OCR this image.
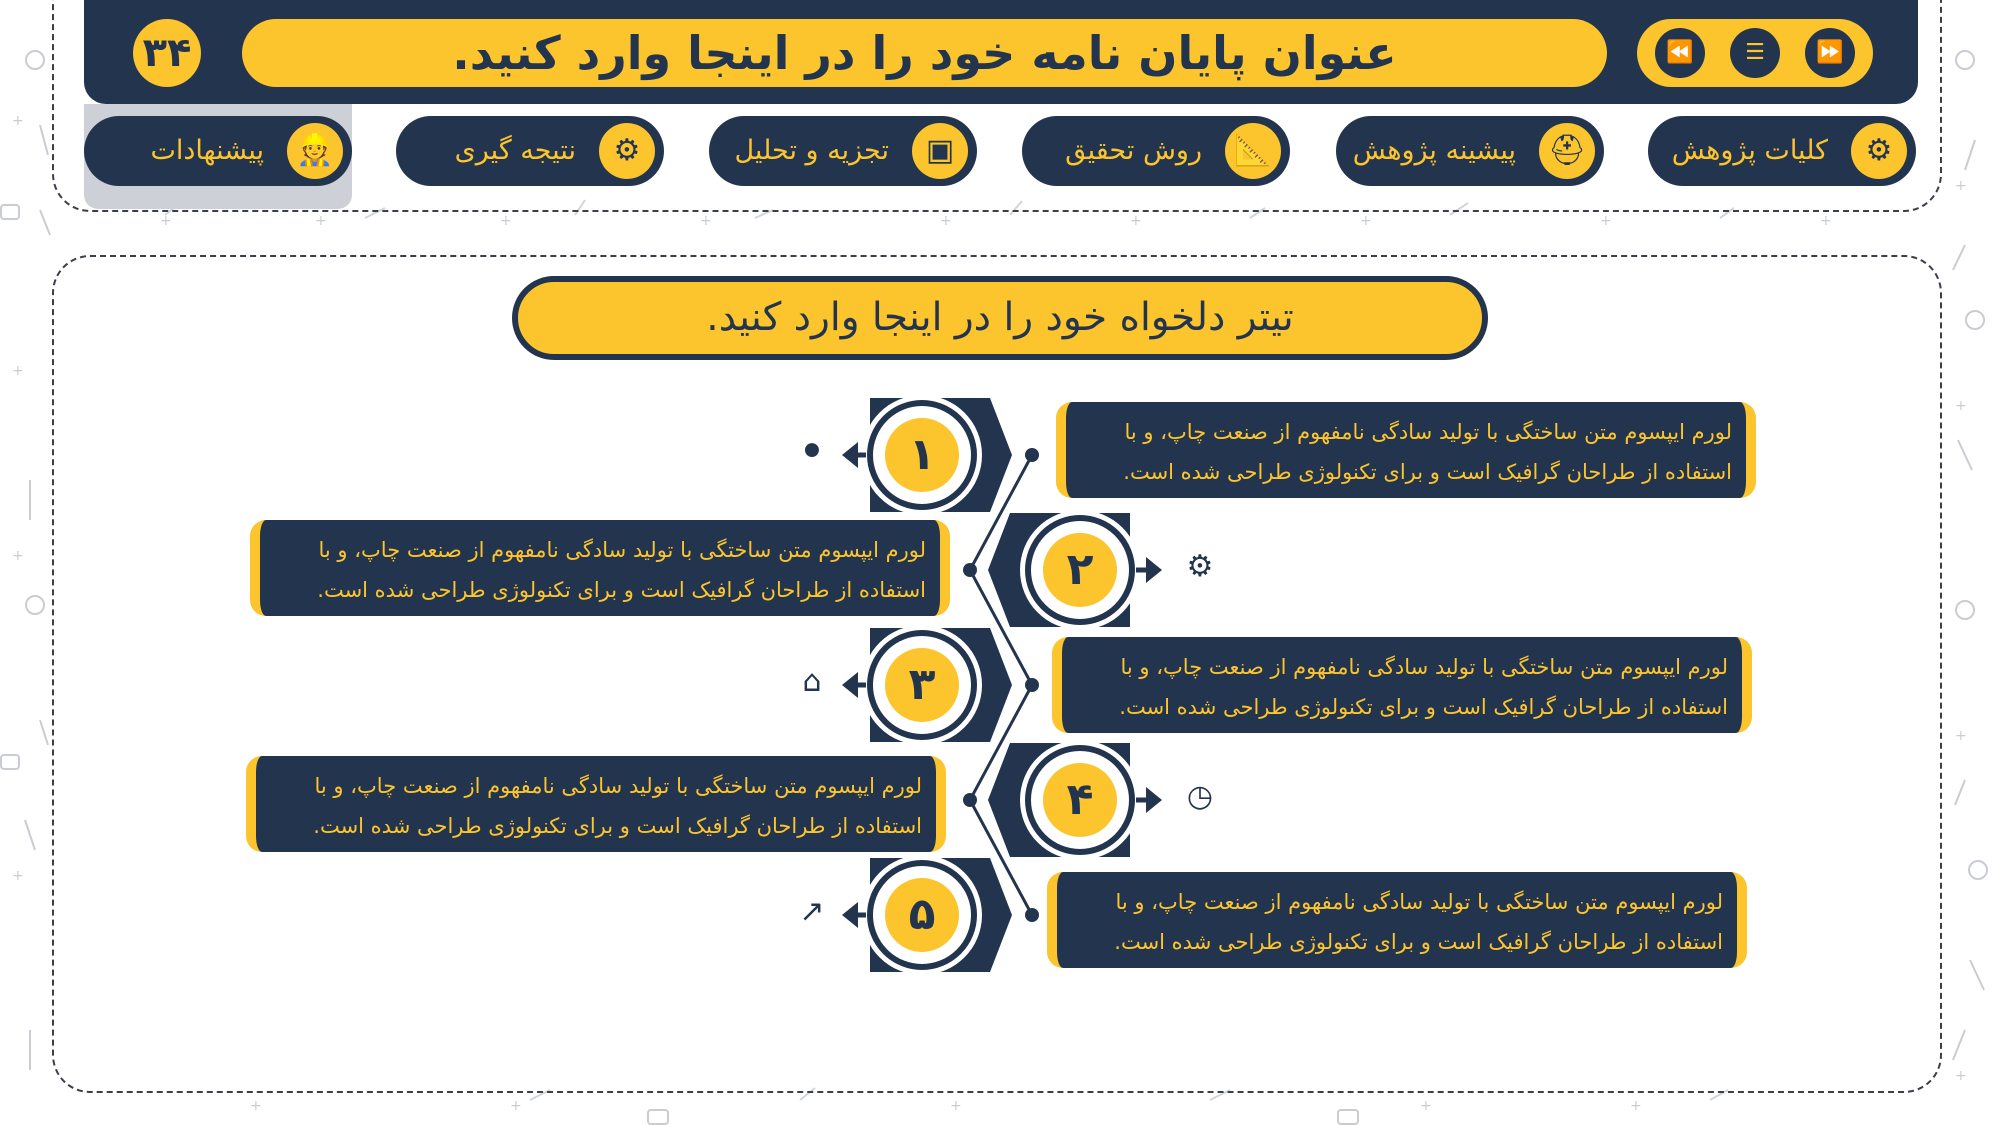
+
+
+
+
+
+
+
+
+	+	+	+	+	+	+	+	+
+	+	+	+	+
۳۴	عنوان پایان نامه خود را در اینجا وارد کنید.	⏪	☰	⏩
کلیات پژوهش	⚙
پیشینه پژوهش ⛑
روش تحقیق	📐
تجزیه و تحلیل	▣
نتیجه گیری	⚙
پیشنهادات	👷
تیتر دلخواه خود را در اینجا وارد کنید.
۱
۲
۳
۴
۵
⚫
⚙
⌂
◷
↗

لورم ایپسوم متن ساختگی با تولید سادگی نامفهوم از صنعت چاپ، و با استفاده از طراحان گرافیک است و برای تکنولوژی طراحی شده است.

لورم ایپسوم متن ساختگی با تولید سادگی نامفهوم از صنعت چاپ، و با استفاده از طراحان گرافیک است و برای تکنولوژی طراحی شده است.

لورم ایپسوم متن ساختگی با تولید سادگی نامفهوم از صنعت چاپ، و با استفاده از طراحان گرافیک است و برای تکنولوژی طراحی شده است.

لورم ایپسوم متن ساختگی با تولید سادگی نامفهوم از صنعت چاپ، و با استفاده از طراحان گرافیک است و برای تکنولوژی طراحی شده است.

لورم ایپسوم متن ساختگی با تولید سادگی نامفهوم از صنعت چاپ، و با استفاده از طراحان گرافیک است و برای تکنولوژی طراحی شده است.
